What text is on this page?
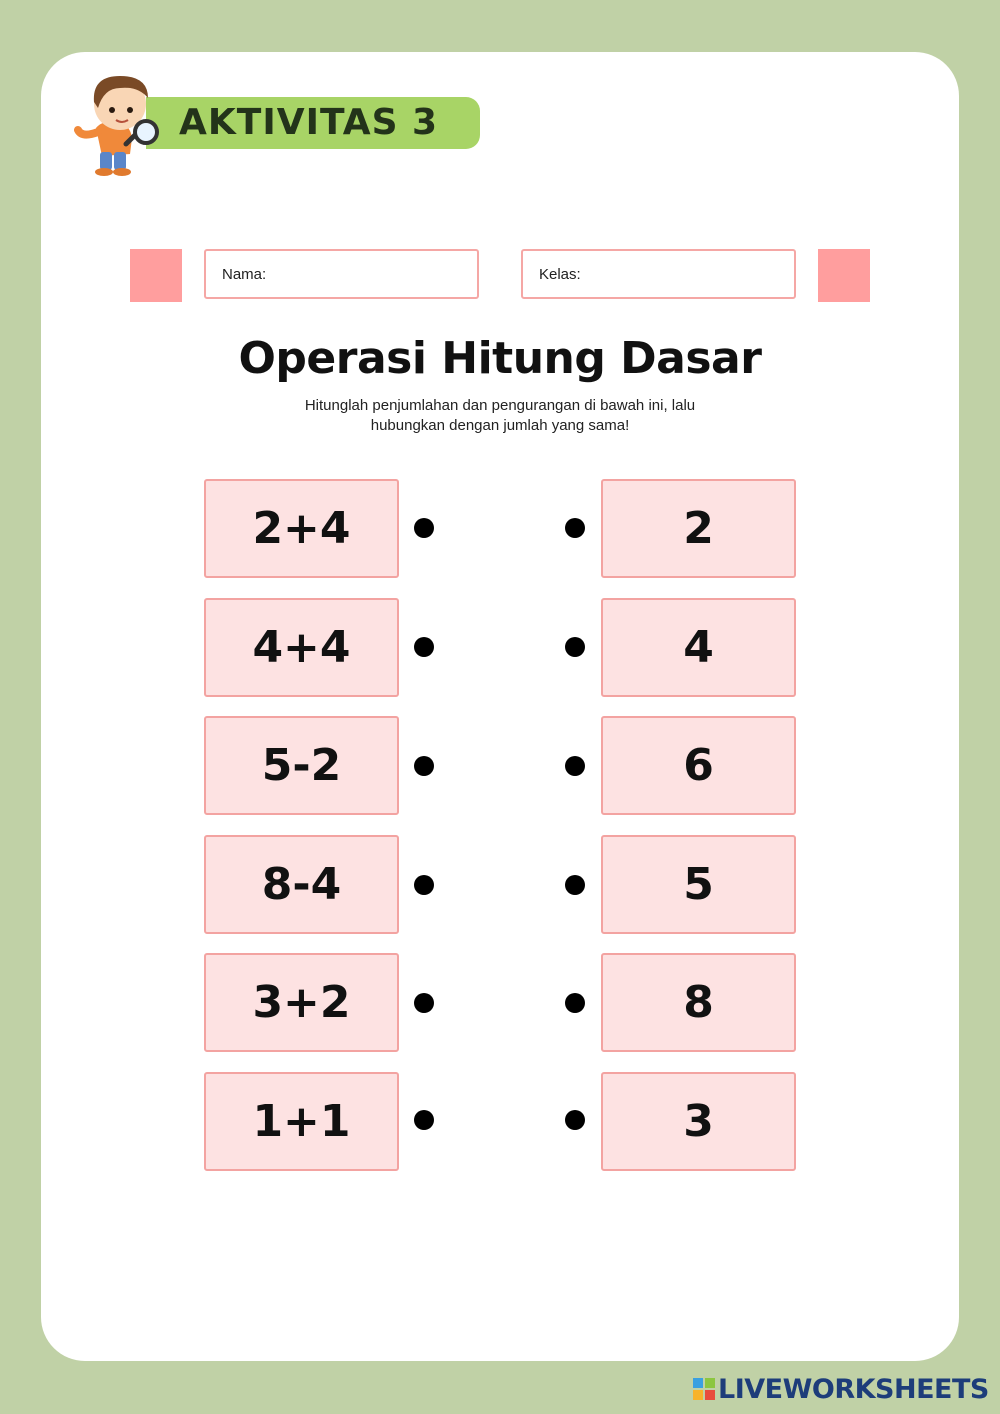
AKTIVITAS 3
Nama:	Kelas:
Operasi Hitung Dasar
Hitunglah penjumlahan dan pengurangan di bawah ini, lalu
hubungkan dengan jumlah yang sama!
2+4
4+4
5-2
8-4
3+2
1+1
2
4
6
5
8
3
LIVEWORKSHEETS
